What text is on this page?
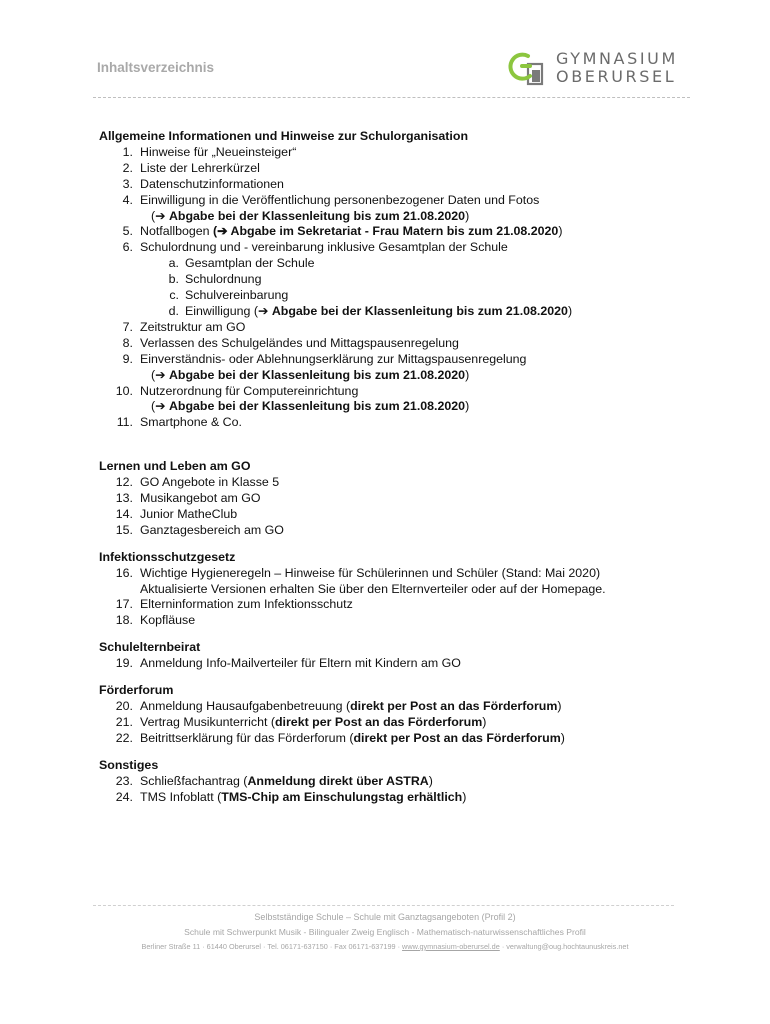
Inhaltsverzeichnis	GYMNASIUM
OBERURSEL
Allgemeine Informationen und Hinweise zur Schulorganisation
1. Hinweise für „Neueinsteiger“
2. Liste der Lehrerkürzel
3. Datenschutzinformationen
4. Einwilligung in die Veröffentlichung personenbezogener Daten und Fotos
(➔ Abgabe bei der Klassenleitung bis zum 21.08.2020)
5. Notfallbogen (➔ Abgabe im Sekretariat - Frau Matern bis zum 21.08.2020)
6. Schulordnung und - vereinbarung inklusive Gesamtplan der Schule
a. Gesamtplan der Schule
b. Schulordnung
c. Schulvereinbarung
d. Einwilligung (➔ Abgabe bei der Klassenleitung bis zum 21.08.2020)
7. Zeitstruktur am GO
8. Verlassen des Schulgeländes und Mittagspausenregelung
9. Einverständnis- oder Ablehnungserklärung zur Mittagspausenregelung
(➔ Abgabe bei der Klassenleitung bis zum 21.08.2020)
10. Nutzerordnung für Computereinrichtung
(➔ Abgabe bei der Klassenleitung bis zum 21.08.2020)
11. Smartphone & Co.
Lernen und Leben am GO
12. GO Angebote in Klasse 5
13. Musikangebot am GO
14. Junior MatheClub
15. Ganztagesbereich am GO
Infektionsschutzgesetz
16. Wichtige Hygieneregeln – Hinweise für Schülerinnen und Schüler (Stand: Mai 2020)
Aktualisierte Versionen erhalten Sie über den Elternverteiler oder auf der Homepage.
17. Elterninformation zum Infektionsschutz
18. Kopfläuse
Schulelternbeirat
19. Anmeldung Info-Mailverteiler für Eltern mit Kindern am GO
Förderforum
20. Anmeldung Hausaufgabenbetreuung (direkt per Post an das Förderforum)
21. Vertrag Musikunterricht (direkt per Post an das Förderforum)
22. Beitrittserklärung für das Förderforum (direkt per Post an das Förderforum)
Sonstiges
23. Schließfachantrag (Anmeldung direkt über ASTRA)
24. TMS Infoblatt (TMS-Chip am Einschulungstag erhältlich)
Selbstständige Schule – Schule mit Ganztagsangeboten (Profil 2)
Schule mit Schwerpunkt Musik - Bilingualer Zweig Englisch - Mathematisch-naturwissenschaftliches Profil
Berliner Straße 11 · 61440 Oberursel · Tel. 06171-637150 · Fax 06171-637199 · www.gymnasium-oberursel.de · verwaltung@oug.hochtaunuskreis.net
